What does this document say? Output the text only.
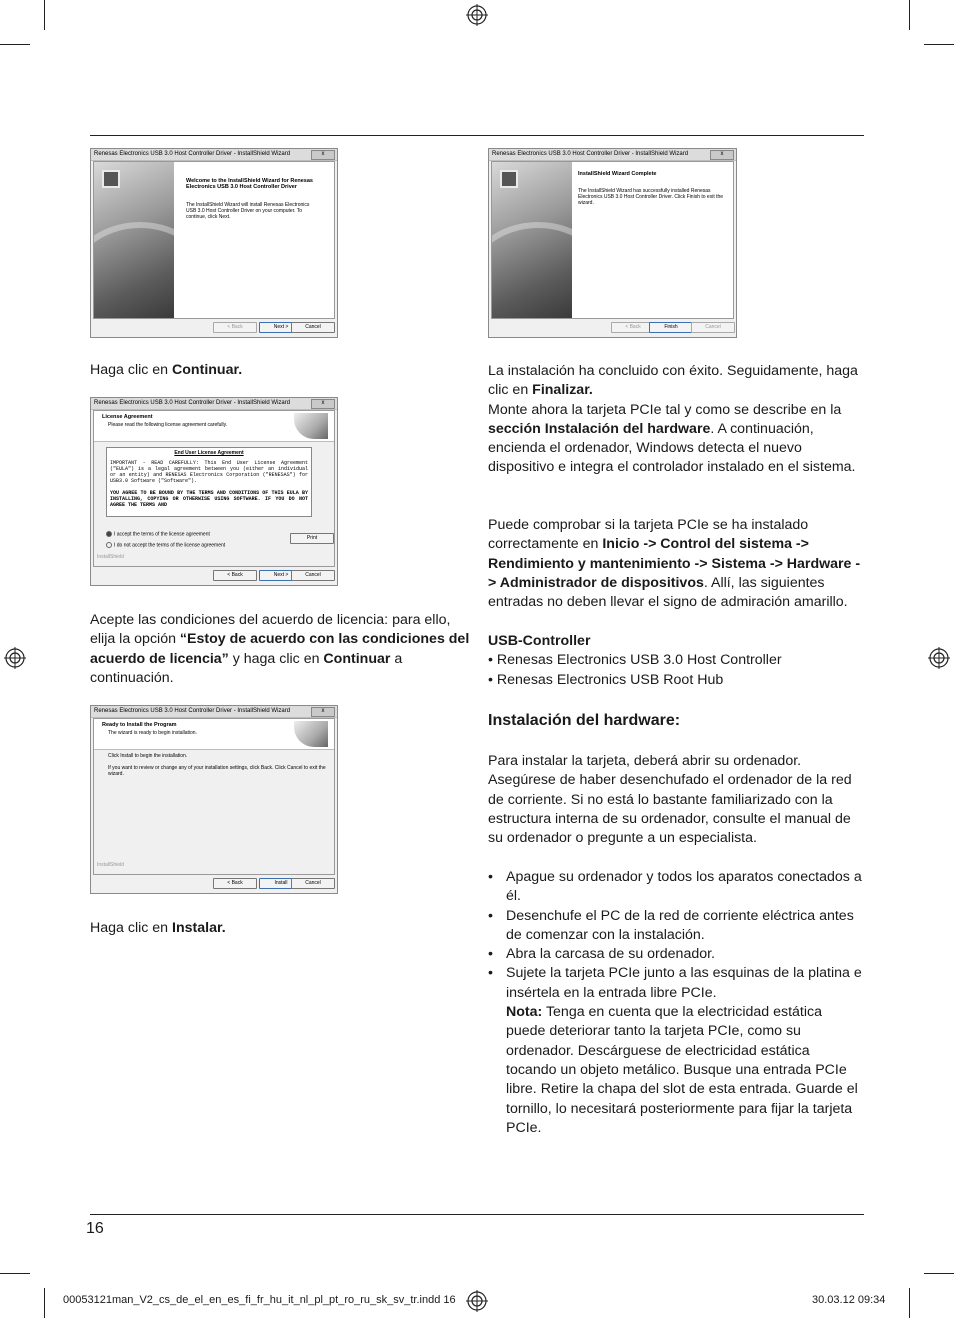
Renesas Electronics USB 3.0 Host Controller Driver - InstallShield Wizard	x
Welcome to the InstallShield Wizard for Renesas Electronics USB 3.0 Host Controller Driver
The InstallShield Wizard will install Renesas Electronics USB 3.0 Host Controller Driver on your computer. To continue, click Next.
< Back	Next >	Cancel
Renesas Electronics USB 3.0 Host Controller Driver - InstallShield Wizard	x
InstallShield Wizard Complete
The InstallShield Wizard has successfully installed Renesas Electronics USB 3.0 Host Controller Driver. Click Finish to exit the wizard.
< Back	Finish	Cancel
Renesas Electronics USB 3.0 Host Controller Driver - InstallShield Wizard	x
License Agreement
Please read the following license agreement carefully.
End User License Agreement
IMPORTANT - READ CAREFULLY: This End User License Agreement ("EULA") is a legal agreement between you (either an individual or an entity) and RENESAS Electronics Corporation ("RENESAS") for USB3.0 Software ("Software").
YOU AGREE TO BE BOUND BY THE TERMS AND CONDITIONS OF THIS EULA BY INSTALLING, COPYING OR OTHERWISE USING SOFTWARE. IF YOU DO NOT AGREE THE TERMS AND
I accept the terms of the license agreement
I do not accept the terms of the license agreement
Print
InstallShield
< Back	Next >	Cancel
Renesas Electronics USB 3.0 Host Controller Driver - InstallShield Wizard	x
Ready to Install the Program
The wizard is ready to begin installation.
Click Install to begin the installation.
If you want to review or change any of your installation settings, click Back. Click Cancel to exit the wizard.
InstallShield
< Back	Install	Cancel
Haga clic en Continuar.
Acepte las condiciones del acuerdo de licencia: para ello, elija la opción “Estoy de acuerdo con las condiciones del acuerdo de licencia” y haga clic en Continuar a continuación.
Haga clic en Instalar.

La instalación ha concluido con éxito. Seguidamente, haga clic en Finalizar.

Monte ahora la tarjeta PCIe tal y como se describe en la sección Instalación del hardware. A continuación, encienda el ordenador, Windows detecta el nuevo dispositivo e integra el controlador instalado en el sistema.

Puede comprobar si la tarjeta PCIe se ha instalado correctamente en Inicio -> Control del sistema -> Rendimiento y mantenimiento -> Sistema -> Hardware -> Administrador de dispositivos. Allí, las siguientes entradas no deben llevar el signo de admiración amarillo.

USB-Controller

• Renesas Electronics USB 3.0 Host Controller

• Renesas Electronics USB Root Hub

Instalación del hardware:
Para instalar la tarjeta, deberá abrir su ordenador. Asegúrese de haber desenchufado el ordenador de la red de corriente. Si no está lo bastante familiarizado con la estructura interna de su ordenador, consulte el manual de su ordenador o pregunte a un especialista.
• Apague su ordenador y todos los aparatos conectados a él.
• Desenchufe el PC de la red de corriente eléctrica antes de comenzar con la instalación.
• Abra la carcasa de su ordenador.
• Sujete la tarjeta PCIe junto a las esquinas de la platina e insértela en la entrada libre PCIe.
Nota: Tenga en cuenta que la electricidad estática puede deteriorar tanto la tarjeta PCIe, como su ordenador. Descárguese de electricidad estática tocando un objeto metálico. Busque una entrada PCIe libre. Retire la chapa del slot de esta entrada. Guarde el tornillo, lo necesitará posteriormente para fijar la tarjeta PCIe.
16
00053121man_V2_cs_de_el_en_es_fi_fr_hu_it_nl_pl_pt_ro_ru_sk_sv_tr.indd 16	30.03.12 09:34
